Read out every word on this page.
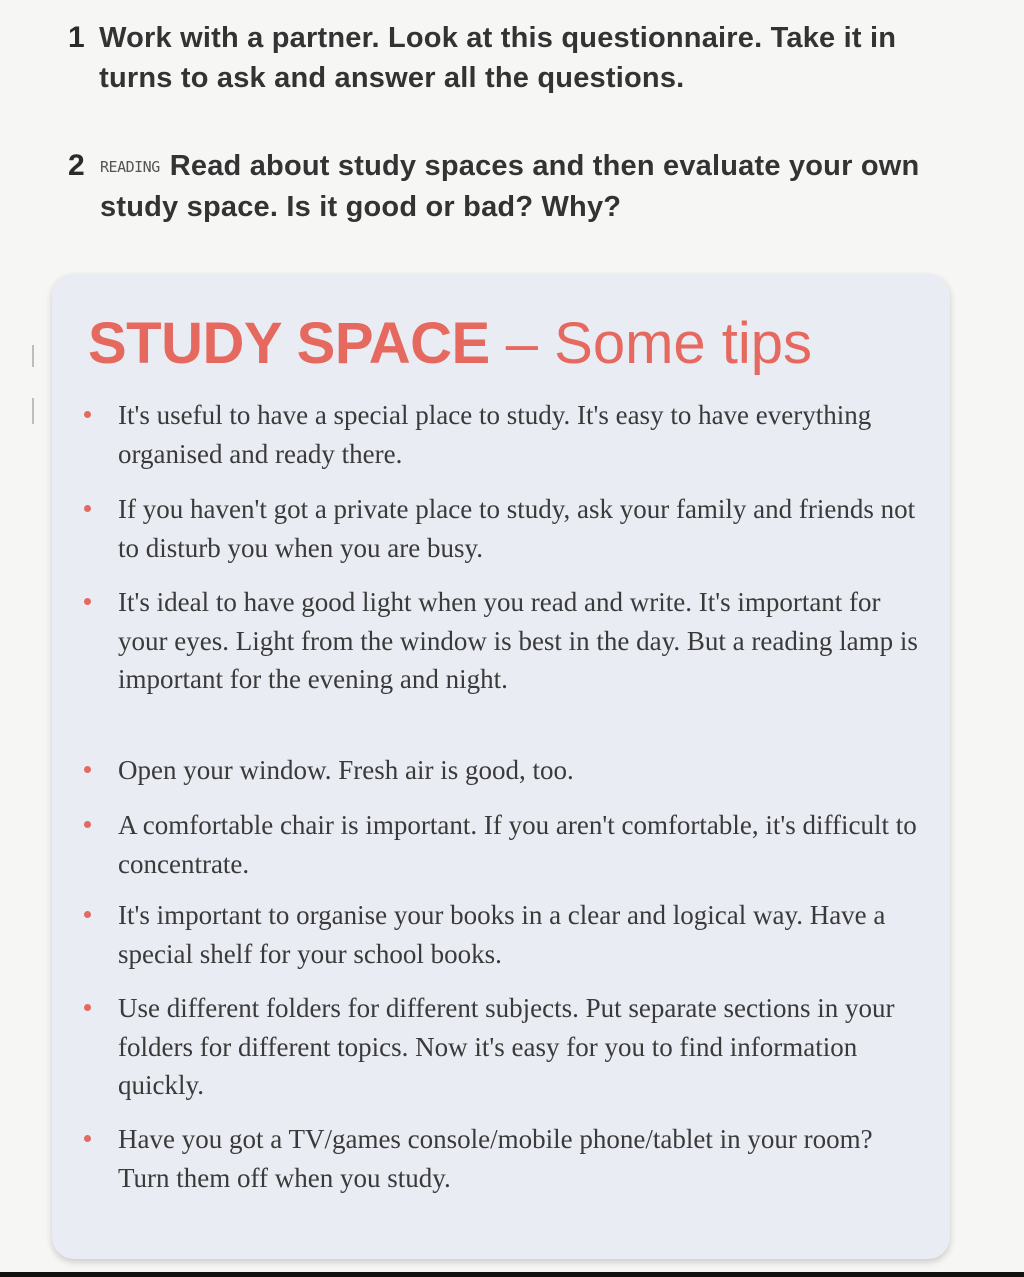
1 Work with a partner. Look at this questionnaire. Take it in turns to ask and answer all the questions.
2	READING Read about study spaces and then evaluate your own study space. Is it good or bad? Why?
STUDY SPACE – Some tips
It's useful to have a special place to study. It's easy to have everything organised and ready there.
If you haven't got a private place to study, ask your family and friends not to disturb you when you are busy.
It's ideal to have good light when you read and write. It's important for your eyes. Light from the window is best in the day. But a reading lamp is important for the evening and night.
Open your window. Fresh air is good, too.
A comfortable chair is important. If you aren't comfortable, it's difficult to concentrate.
It's important to organise your books in a clear and logical way. Have a special shelf for your school books.
Use different folders for different subjects. Put separate sections in your folders for different topics. Now it's easy for you to find information quickly.
Have you got a TV/games console/mobile phone/tablet in your room? Turn them off when you study.
